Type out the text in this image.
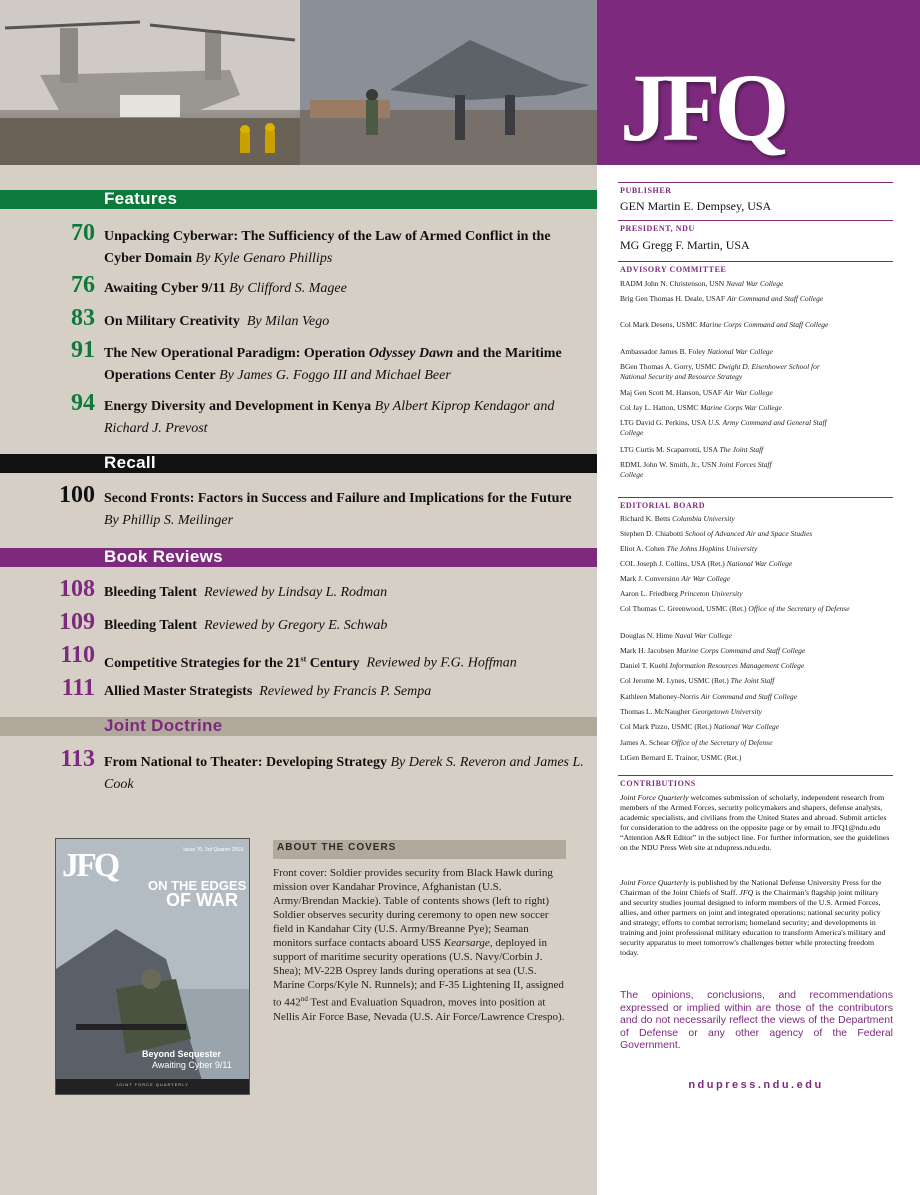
JFQ
Features
70 Unpacking Cyberwar: The Sufficiency of the Law of Armed Conflict in the Cyber Domain By Kyle Genaro Phillips
76 Awaiting Cyber 9/11 By Clifford S. Magee
83 On Military Creativity By Milan Vego
91 The New Operational Paradigm: Operation Odyssey Dawn and the Maritime Operations Center By James G. Foggo III and Michael Beer
94 Energy Diversity and Development in Kenya By Albert Kiprop Kendagor and Richard J. Prevost
Recall
100 Second Fronts: Factors in Success and Failure and Implications for the Future By Phillip S. Meilinger
Book Reviews
108 Bleeding Talent Reviewed by Lindsay L. Rodman
109 Bleeding Talent Reviewed by Gregory E. Schwab
110 Competitive Strategies for the 21st Century Reviewed by F.G. Hoffman
111 Allied Master Strategists Reviewed by Francis P. Sempa
Joint Doctrine
113 From National to Theater: Developing Strategy By Derek S. Reveron and James L. Cook
JFQ	Issue 70, 3rd Quarter 2013
ON THE EDGES
OF WAR
Beyond Sequester
Awaiting Cyber 9/11
JOINT FORCE QUARTERLY
ABOUT THE COVERS
Front cover: Soldier provides security from Black Hawk during mission over Kandahar Province, Afghanistan (U.S. Army/Brendan Mackie). Table of contents shows (left to right) Soldier observes security during ceremony to open new soccer field in Kandahar City (U.S. Army/Breanne Pye); Seaman monitors surface contacts aboard USS Kearsarge, deployed in support of maritime security operations (U.S. Navy/Corbin J. Shea); MV-22B Osprey lands during operations at sea (U.S. Marine Corps/Kyle N. Runnels); and F-35 Lightening II, assigned to 442nd Test and Evaluation Squadron, moves into position at Nellis Air Force Base, Nevada (U.S. Air Force/Lawrence Crespo).
PUBLISHER
GEN Martin E. Dempsey, USA
PRESIDENT, NDU
MG Gregg F. Martin, USA
ADVISORY COMMITTEE
RADM John N. Christenson, USN Naval War College
Brig Gen Thomas H. Deale, USAF Air Command and Staff College
Col Mark Desens, USMC Marine Corps Command and Staff College
Ambassador James B. Foley National War College
BGen Thomas A. Gorry, USMC Dwight D. Eisenhower School for National Security and Resource Strategy
Maj Gen Scott M. Hanson, USAF Air War College
Col Jay L. Hatton, USMC Marine Corps War College
LTG David G. Perkins, USA U.S. Army Command and General Staff College
LTG Curtis M. Scaparrotti, USA The Joint Staff
RDML John W. Smith, Jr., USN Joint Forces Staff College
EDITORIAL BOARD
Richard K. Betts Columbia University
Stephen D. Chiabotti School of Advanced Air and Space Studies
Eliot A. Cohen The Johns Hopkins University
COL Joseph J. Collins, USA (Ret.) National War College
Mark J. Conversino Air War College
Aaron L. Friedberg Princeton University
Col Thomas C. Greenwood, USMC (Ret.) Office of the Secretary of Defense
Douglas N. Hime Naval War College
Mark H. Jacobsen Marine Corps Command and Staff College
Daniel T. Kuehl Information Resources Management College
Col Jerome M. Lynes, USMC (Ret.) The Joint Staff
Kathleen Mahoney-Norris Air Command and Staff College
Thomas L. McNaugher Georgetown University
Col Mark Pizzo, USMC (Ret.) National War College
James A. Schear Office of the Secretary of Defense
LtGen Bernard E. Trainor, USMC (Ret.)
CONTRIBUTIONS
Joint Force Quarterly welcomes submission of scholarly, independent research from members of the Armed Forces, security policymakers and shapers, defense analysts, academic specialists, and civilians from the United States and abroad. Submit articles for consideration to the address on the opposite page or by email to JFQ1@ndu.edu “Attention A&R Editor” in the subject line. For further information, see the guidelines on the NDU Press Web site at ndupress.ndu.edu.
Joint Force Quarterly is published by the National Defense University Press for the Chairman of the Joint Chiefs of Staff. JFQ is the Chairman's flagship joint military and security studies journal designed to inform members of the U.S. Armed Forces, allies, and other partners on joint and integrated operations; national security policy and strategy; efforts to combat terrorism; homeland security; and developments in training and joint professional military education to transform America's military and security apparatus to meet tomorrow's challenges better while protecting freedom today.
The opinions, conclusions, and recommendations expressed or implied within are those of the contributors and do not necessarily reflect the views of the Department of Defense or any other agency of the Federal Government.
ndupress.ndu.edu
